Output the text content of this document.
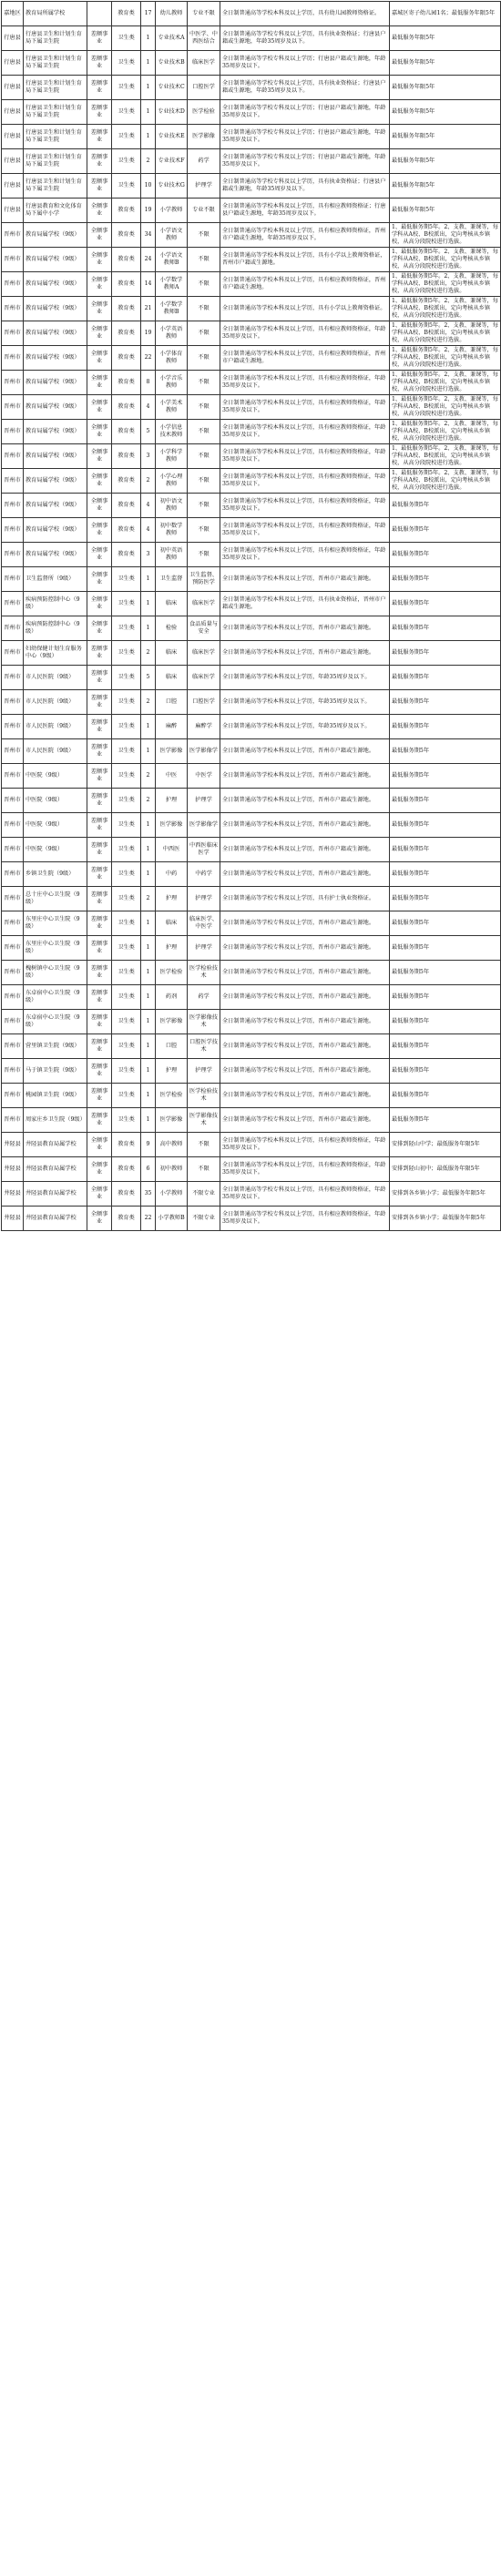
嘉地区	教育局所属学校		教育类	17	幼儿教师	专业不限	全日制普通高等学校本科及以上学历，具有幼儿园教师资格证。	嘉城区寄子幼儿园1名；最低服务年限5年
行唐县	行唐县卫生和计划生育局下属卫生院	差额事业	卫生类	1	专业技术A	中医学、中西医结合	全日制普通高等学校专科及以上学历，具有执业资格证；行唐县户籍或生源地，年龄35周岁及以下。	最低服务年限5年
行唐县	行唐县卫生和计划生育局下属卫生院	差额事业	卫生类	1	专业技术B	临床医学	全日制普通高等学校专科及以上学历；行唐县户籍或生源地，年龄35周岁及以下。	最低服务年限5年
行唐县	行唐县卫生和计划生育局下属卫生院	差额事业	卫生类	1	专业技术C	口腔医学	全日制普通高等学校专科及以上学历，具有执业资格证；行唐县户籍或生源地，年龄35周岁及以下。	最低服务年限5年
行唐县	行唐县卫生和计划生育局下属卫生院	差额事业	卫生类	1	专业技术D	医学检验	全日制普通高等学校专科及以上学历；行唐县户籍或生源地，年龄35周岁及以下。	最低服务年限5年
行唐县	行唐县卫生和计划生育局下属卫生院	差额事业	卫生类	1	专业技术E	医学影像	全日制普通高等学校专科及以上学历；行唐县户籍或生源地，年龄35周岁及以下。	最低服务年限5年
行唐县	行唐县卫生和计划生育局下属卫生院	差额事业	卫生类	2	专业技术F	药学	全日制普通高等学校专科及以上学历；行唐县户籍或生源地，年龄35周岁及以下。	最低服务年限5年
行唐县	行唐县卫生和计划生育局下属卫生院	差额事业	卫生类	10	专业技术G	护理学	全日制普通高等学校专科及以上学历，具有执业资格证；行唐县户籍或生源地，年龄35周岁及以下。	最低服务年限5年
行唐县	行唐县教育和文化体育局下属中小学	全额事业	教育类	19	小学教师	专业不限	全日制普通高等学校本科及以上学历，具有相应教师资格证；行唐县户籍或生源地，年龄35周岁及以下。	最低服务年限5年
晋州市	教育局属学校（9级）	全额事业	教育类	34	小学语文教师	不限	全日制普通高等学校本科及以上学历，具有相应教师资格证，晋州市户籍或生源地，年龄35周岁及以下。	1、最低服务期5年。2、支教、兼课等，每学科从A校、B校派出，定向考核从乡镇校，从高分段院校进行选拔。
晋州市	教育局属学校（9级）	全额事业	教育类	24	小学语文教师B	不限	全日制普通高等学校本科及以上学历，具有小学以上教师资格证，晋州市户籍或生源地。	1、最低服务期5年。2、支教、兼课等，每学科从A校、B校派出，定向考核从乡镇校，从高分段院校进行选拔。
晋州市	教育局属学校（9级）	全额事业	教育类	14	小学数学教师A	不限	全日制普通高等学校本科及以上学历，具有相应教师资格证，晋州市户籍或生源地。	1、最低服务期5年。2、支教、兼课等，每学科从A校、B校派出，定向考核从乡镇校，从高分段院校进行选拔。
晋州市	教育局属学校（9级）	全额事业	教育类	21	小学数学教师B	不限	全日制普通高等学校本科及以上学历，具有小学以上教师资格证。	1、最低服务期5年。2、支教、兼课等，每学科从A校、B校派出，定向考核从乡镇校，从高分段院校进行选拔。
晋州市	教育局属学校（9级）	全额事业	教育类	19	小学英语教师	不限	全日制普通高等学校本科及以上学历，具有相应教师资格证，年龄35周岁及以下。	1、最低服务期5年。2、支教、兼课等，每学科从A校、B校派出，定向考核从乡镇校，从高分段院校进行选拔。
晋州市	教育局属学校（9级）	全额事业	教育类	22	小学体育教师	不限	全日制普通高等学校本科及以上学历，具有相应教师资格证，晋州市户籍或生源地。	1、最低服务期5年。2、支教、兼课等，每学科从A校、B校派出，定向考核从乡镇校，从高分段院校进行选拔。
晋州市	教育局属学校（9级）	全额事业	教育类	8	小学音乐教师	不限	全日制普通高等学校本科及以上学历，具有相应教师资格证，年龄35周岁及以下。	1、最低服务期5年。2、支教、兼课等，每学科从A校、B校派出，定向考核从乡镇校，从高分段院校进行选拔。
晋州市	教育局属学校（9级）	全额事业	教育类	4	小学美术教师	不限	全日制普通高等学校本科及以上学历，具有相应教师资格证，年龄35周岁及以下。	1、最低服务期5年。2、支教、兼课等，每学科从A校、B校派出，定向考核从乡镇校，从高分段院校进行选拔。
晋州市	教育局属学校（9级）	全额事业	教育类	5	小学信息技术教师	不限	全日制普通高等学校本科及以上学历，具有相应教师资格证，年龄35周岁及以下。	1、最低服务期5年。2、支教、兼课等，每学科从A校、B校派出，定向考核从乡镇校，从高分段院校进行选拔。
晋州市	教育局属学校（9级）	全额事业	教育类	3	小学科学教师	不限	全日制普通高等学校本科及以上学历，具有相应教师资格证，年龄35周岁及以下。	1、最低服务期5年。2、支教、兼课等，每学科从A校、B校派出，定向考核从乡镇校，从高分段院校进行选拔。
晋州市	教育局属学校（9级）	全额事业	教育类	2	小学心理教师	不限	全日制普通高等学校本科及以上学历，具有相应教师资格证，年龄35周岁及以下。	1、最低服务期5年。2、支教、兼课等，每学科从A校、B校派出，定向考核从乡镇校，从高分段院校进行选拔。
晋州市	教育局属学校（9级）	全额事业	教育类	4	初中语文教师	不限	全日制普通高等学校本科及以上学历，具有相应教师资格证，年龄35周岁及以下。	最低服务期5年
晋州市	教育局属学校（9级）	全额事业	教育类	4	初中数学教师	不限	全日制普通高等学校本科及以上学历，具有相应教师资格证，年龄35周岁及以下。	最低服务期5年
晋州市	教育局属学校（9级）	全额事业	教育类	3	初中英语教师	不限	全日制普通高等学校本科及以上学历，具有相应教师资格证，年龄35周岁及以下。	最低服务期5年
晋州市	卫生监督所（9级）	全额事业	卫生类	1	卫生监督	卫生监督、预防医学	全日制普通高等学校本科及以上学历，晋州市户籍或生源地。	最低服务期5年
晋州市	疾病预防控制中心（9级）	全额事业	卫生类	1	临床	临床医学	全日制普通高等学校本科及以上学历，具有执业资格证，晋州市户籍或生源地。	最低服务期5年
晋州市	疾病预防控制中心（9级）	全额事业	卫生类	1	检验	食品质量与安全	全日制普通高等学校本科及以上学历，晋州市户籍或生源地。	最低服务期5年
晋州市	妇幼保健计划生育服务中心（9级）	差额事业	卫生类	2	临床	临床医学	全日制普通高等学校本科及以上学历，晋州市户籍或生源地。	最低服务期5年
晋州市	市人民医院（9级）	差额事业	卫生类	5	临床	临床医学	全日制普通高等学校本科及以上学历，年龄35周岁及以下。	最低服务期5年
晋州市	市人民医院（9级）	差额事业	卫生类	2	口腔	口腔医学	全日制普通高等学校本科及以上学历，年龄35周岁及以下。	最低服务期5年
晋州市	市人民医院（9级）	差额事业	卫生类	1	麻醉	麻醉学	全日制普通高等学校本科及以上学历，年龄35周岁及以下。	最低服务期5年
晋州市	市人民医院（9级）	差额事业	卫生类	1	医学影像	医学影像学	全日制普通高等学校本科及以上学历，晋州市户籍或生源地。	最低服务期5年
晋州市	中医院（9级）	差额事业	卫生类	2	中医	中医学	全日制普通高等学校本科及以上学历，晋州市户籍或生源地。	最低服务期5年
晋州市	中医院（9级）	差额事业	卫生类	2	护理	护理学	全日制普通高等学校本科及以上学历，晋州市户籍或生源地。	最低服务期5年
晋州市	中医院（9级）	差额事业	卫生类	1	医学影像	医学影像学	全日制普通高等学校本科及以上学历，晋州市户籍或生源地。	最低服务期5年
晋州市	中医院（9级）	差额事业	卫生类	1	中西医	中西医临床医学	全日制普通高等学校本科及以上学历，晋州市户籍或生源地。	最低服务期5年
晋州市	乡镇卫生院（9级）	差额事业	卫生类	1	中药	中药学	全日制普通高等学校专科及以上学历，晋州市户籍或生源地。	最低服务期5年
晋州市	总十庄中心卫生院（9级）	差额事业	卫生类	2	护理	护理学	全日制普通高等学校专科及以上学历，具有护士执业资格证。	最低服务期5年
晋州市	东里庄中心卫生院（9级）	差额事业	卫生类	1	临床	临床医学、中医学	全日制普通高等学校专科及以上学历，晋州市户籍或生源地。	最低服务期5年
晋州市	东里庄中心卫生院（9级）	差额事业	卫生类	1	护理	护理学	全日制普通高等学校专科及以上学历，晋州市户籍或生源地。	最低服务期5年
晋州市	槐树镇中心卫生院（9级）	差额事业	卫生类	1	医学检验	医学检验技术	全日制普通高等学校专科及以上学历，晋州市户籍或生源地。	最低服务期5年
晋州市	东卓宿中心卫生院（9级）	差额事业	卫生类	1	药剂	药学	全日制普通高等学校专科及以上学历，晋州市户籍或生源地。	最低服务期5年
晋州市	东卓宿中心卫生院（9级）	差额事业	卫生类	1	医学影像	医学影像技术	全日制普通高等学校专科及以上学历，晋州市户籍或生源地。	最低服务期5年
晋州市	营里镇卫生院（9级）	差额事业	卫生类	1	口腔	口腔医学技术	全日制普通高等学校专科及以上学历，晋州市户籍或生源地。	最低服务期5年
晋州市	马于镇卫生院（9级）	差额事业	卫生类	1	护理	护理学	全日制普通高等学校专科及以上学历，晋州市户籍或生源地。	最低服务期5年
晋州市	桃园镇卫生院（9级）	差额事业	卫生类	1	医学检验	医学检验技术	全日制普通高等学校专科及以上学历，晋州市户籍或生源地。	最低服务期5年
晋州市	周家庄乡卫生院（9级）	差额事业	卫生类	1	医学影像	医学影像技术	全日制普通高等学校专科及以上学历，晋州市户籍或生源地。	最低服务期5年
井陉县	井陉县教育局属学校	全额事业	教育类	9	高中教师	不限	全日制普通高等学校本科及以上学历，具有相应教师资格证，年龄35周岁及以下。	安排到陉山中学；最低服务年限5年
井陉县	井陉县教育局属学校	全额事业	教育类	6	初中教师	不限	全日制普通高等学校本科及以上学历，具有相应教师资格证，年龄35周岁及以下。	安排到陉山初中；最低服务年限5年
井陉县	井陉县教育局属学校	全额事业	教育类	35	小学教师	不限专业	全日制普通高等学校专科及以上学历，具有相应教师资格证，年龄35周岁及以下。	安排到各乡镇小学；最低服务年限5年
井陉县	井陉县教育局属学校	全额事业	教育类	22	小学教师B	不限专业	全日制普通高等学校专科及以上学历，具有相应教师资格证，年龄35周岁及以下。	安排到各乡镇小学；最低服务年限5年
